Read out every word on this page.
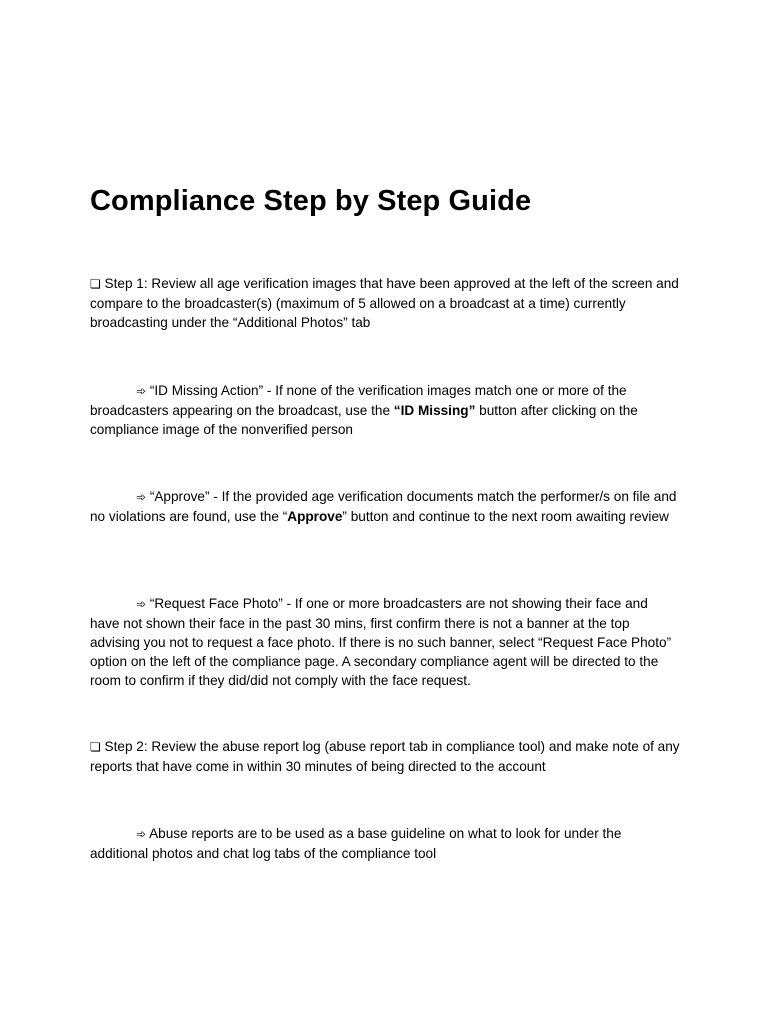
Compliance Step by Step Guide

❏ Step 1: Review all age verification images that have been approved at the left of the screen and compare to the broadcaster(s) (maximum of 5 allowed on a broadcast at a time) currently broadcasting under the “Additional Photos” tab

➾ “ID Missing Action” - If none of the verification images match one or more of the broadcasters appearing on the broadcast, use the “ID Missing” button after clicking on the compliance image of the nonverified person

➾ “Approve” - If the provided age verification documents match the performer/s on file and no violations are found, use the “Approve” button and continue to the next room awaiting review

➾ “Request Face Photo” - If one or more broadcasters are not showing their face and have not shown their face in the past 30 mins, first confirm there is not a banner at the top advising you not to request a face photo. If there is no such banner, select “Request Face Photo” option on the left of the compliance page. A secondary compliance agent will be directed to the room to confirm if they did/did not comply with the face request.

❏ Step 2: Review the abuse report log (abuse report tab in compliance tool) and make note of any reports that have come in within 30 minutes of being directed to the account

➾ Abuse reports are to be used as a base guideline on what to look for under the additional photos and chat log tabs of the compliance tool
